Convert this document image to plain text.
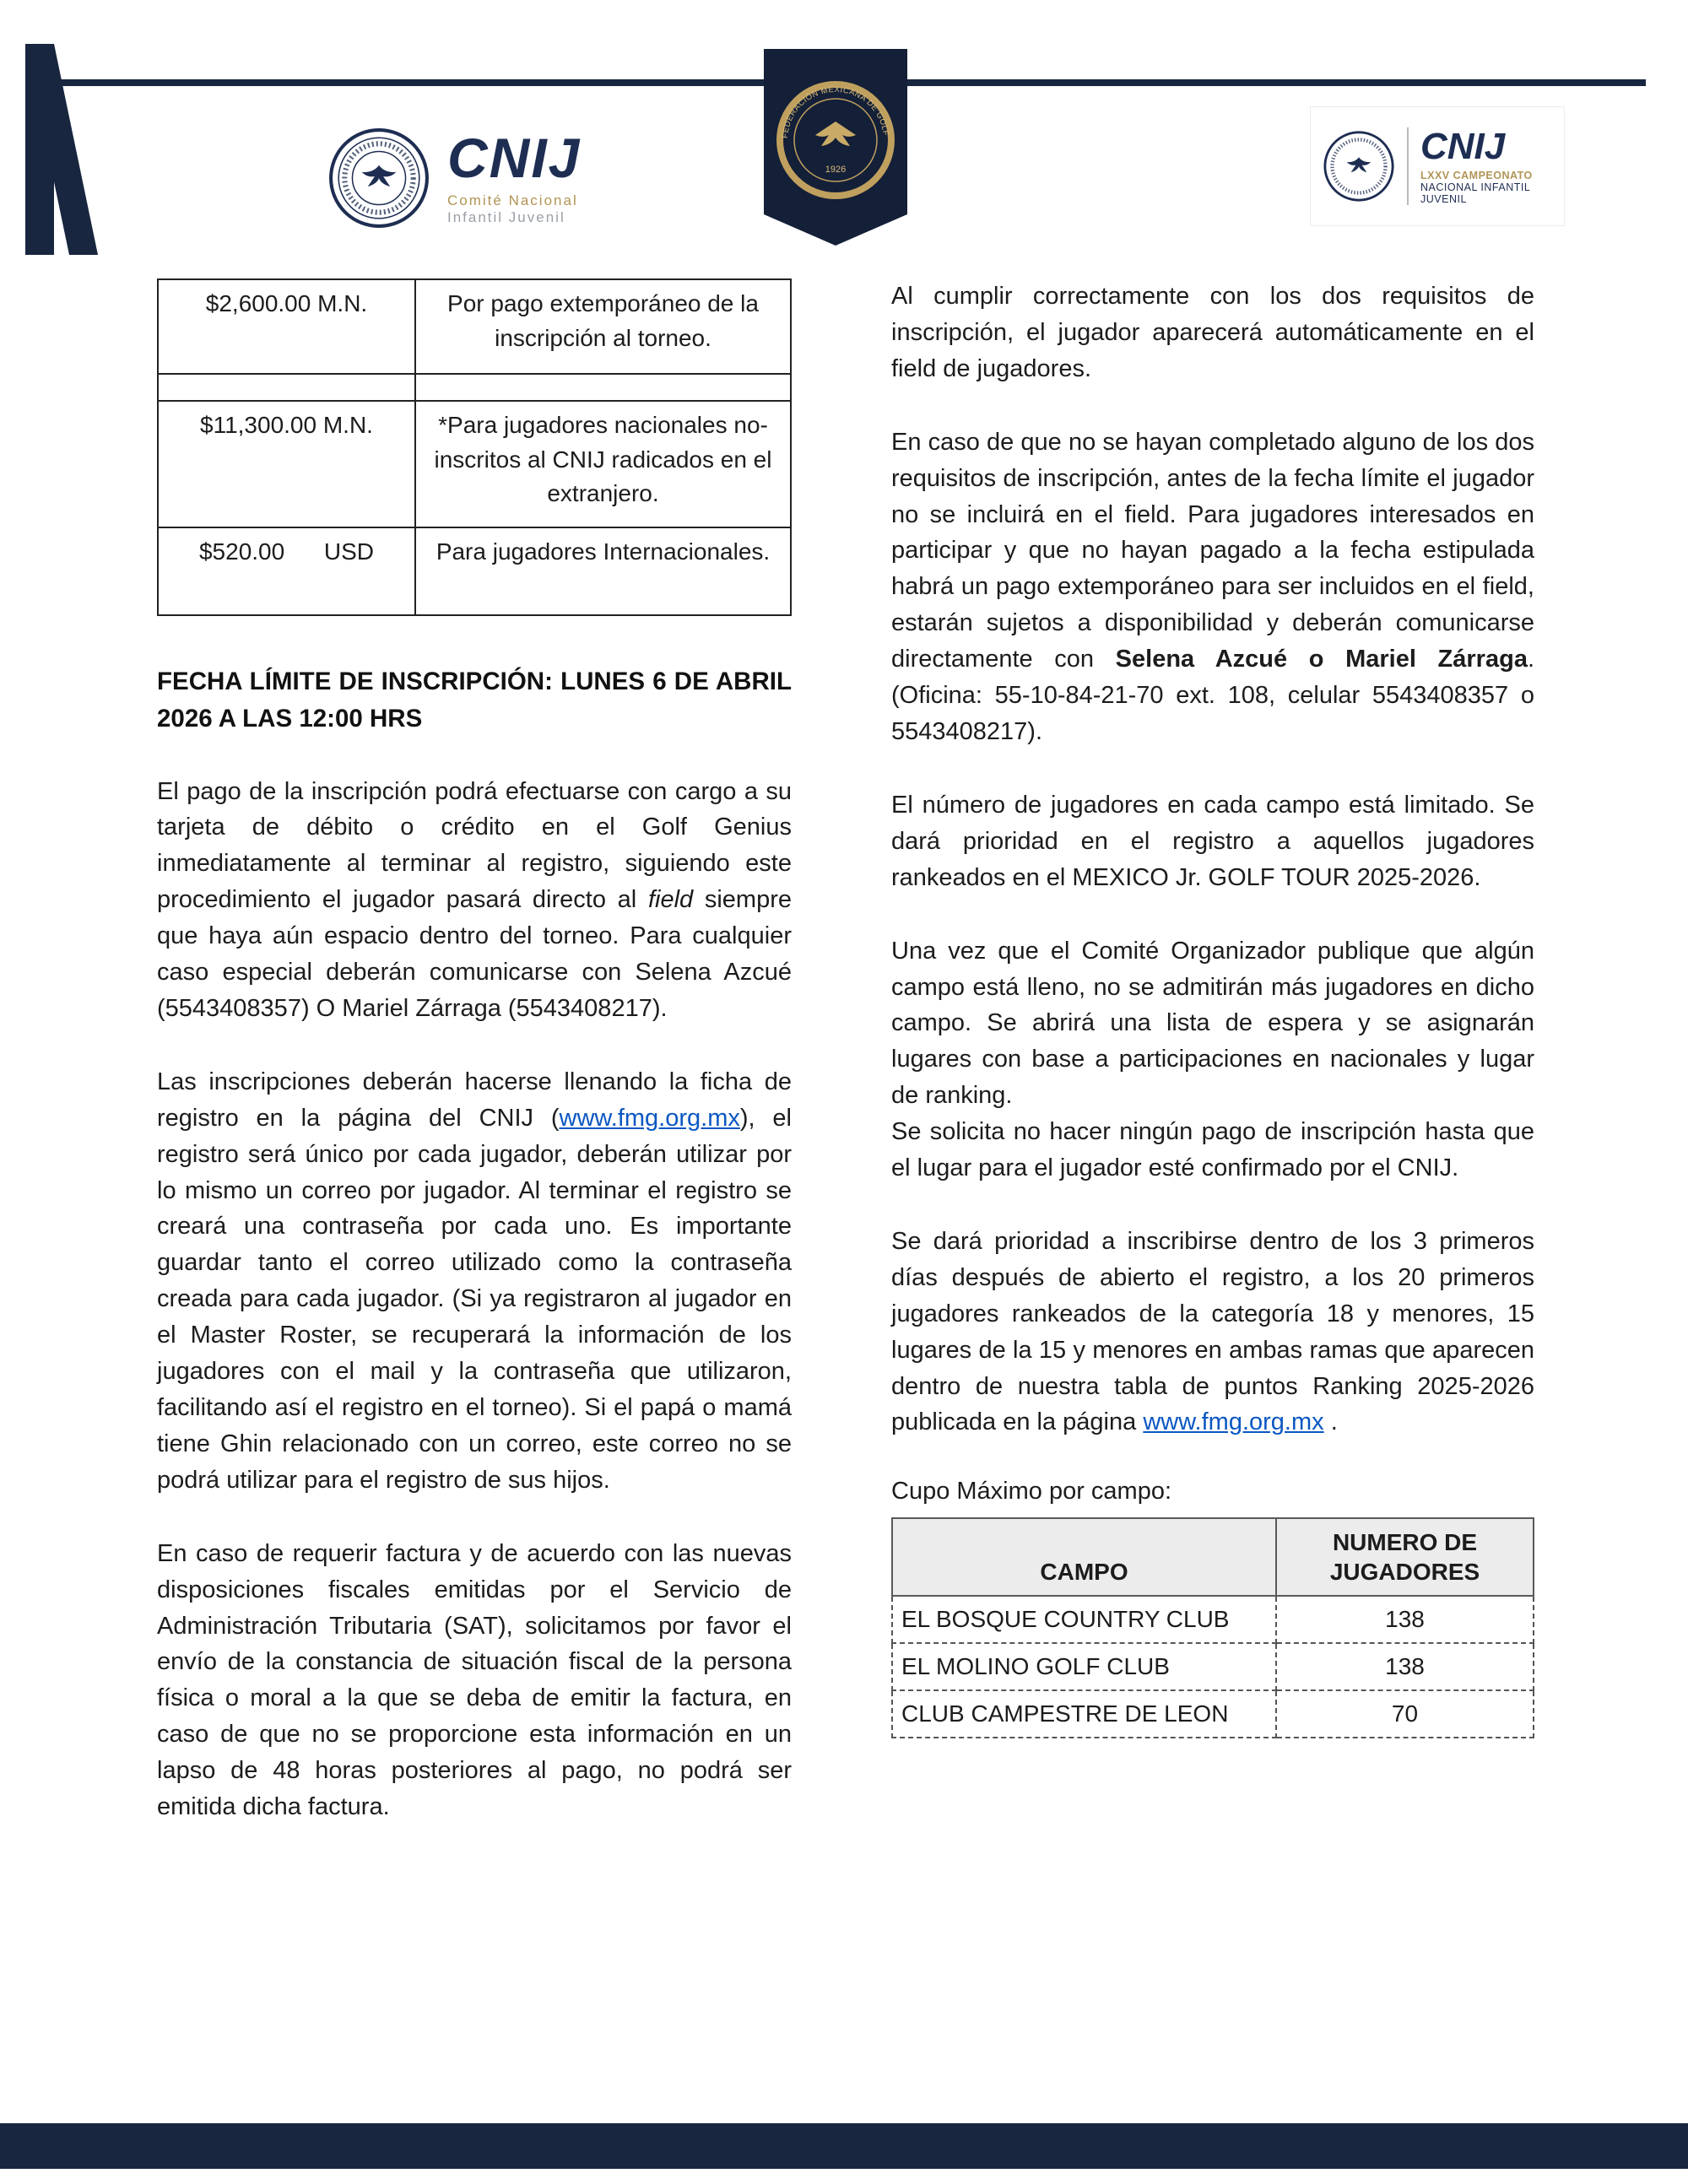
CNIJ
Comité Nacional
Infantil Juvenil
FEDERACIÓN MEXICANA DE GOLF
1926
CNIJ
LXXV CAMPEONATO
NACIONAL INFANTIL
JUVENIL
$2,600.00 M.N.	Por pago extemporáneo de la inscripción al torneo.

$11,300.00 M.N.	*Para jugadores nacionales no-inscritos al CNIJ radicados en el extranjero.
$520.00      USD	Para jugadores Internacionales.
FECHA LÍMITE DE INSCRIPCIÓN: LUNES 6 DE ABRIL 2026 A LAS 12:00 HRS

El pago de la inscripción podrá efectuarse con cargo a su tarjeta de débito o crédito en el Golf Genius inmediatamente al terminar al registro, siguiendo este procedimiento el jugador pasará directo al field siempre que haya aún espacio dentro del torneo. Para cualquier caso especial deberán comunicarse con Selena Azcué (5543408357) O Mariel Zárraga (5543408217).

Las inscripciones deberán hacerse llenando la ficha de registro en la página del CNIJ (www.fmg.org.mx), el registro será único por cada jugador, deberán utilizar por lo mismo un correo por jugador. Al terminar el registro se creará una contraseña por cada uno. Es importante guardar tanto el correo utilizado como la contraseña creada para cada jugador. (Si ya registraron al jugador en el Master Roster, se recuperará la información de los jugadores con el mail y la contraseña que utilizaron, facilitando así el registro en el torneo). Si el papá o mamá tiene Ghin relacionado con un correo, este correo no se podrá utilizar para el registro de sus hijos.

En caso de requerir factura y de acuerdo con las nuevas disposiciones fiscales emitidas por el Servicio de Administración Tributaria (SAT), solicitamos por favor el envío de la constancia de situación fiscal de la persona física o moral a la que se deba de emitir la factura, en caso de que no se proporcione esta información en un lapso de 48 horas posteriores al pago, no podrá ser emitida dicha factura.

Al cumplir correctamente con los dos requisitos de inscripción, el jugador aparecerá automáticamente en el field de jugadores.

En caso de que no se hayan completado alguno de los dos requisitos de inscripción, antes de la fecha límite el jugador no se incluirá en el field. Para jugadores interesados en participar y que no hayan pagado a la fecha estipulada habrá un pago extemporáneo para ser incluidos en el field, estarán sujetos a disponibilidad y deberán comunicarse directamente con Selena Azcué o Mariel Zárraga. (Oficina: 55-10-84-21-70 ext. 108, celular 5543408357 o 5543408217).

El número de jugadores en cada campo está limitado. Se dará prioridad en el registro a aquellos jugadores rankeados en el MEXICO Jr. GOLF TOUR 2025-2026.

Una vez que el Comité Organizador publique que algún campo está lleno, no se admitirán más jugadores en dicho campo. Se abrirá una lista de espera y se asignarán lugares con base a participaciones en nacionales y lugar de ranking.
Se solicita no hacer ningún pago de inscripción hasta que el lugar para el jugador esté confirmado por el CNIJ.

Se dará prioridad a inscribirse dentro de los 3 primeros días después de abierto el registro, a los 20 primeros jugadores rankeados de la categoría 18 y menores, 15 lugares de la 15 y menores en ambas ramas que aparecen dentro de nuestra tabla de puntos Ranking 2025-2026 publicada en la página www.fmg.org.mx .

Cupo Máximo por campo:
CAMPO	NUMERO DE JUGADORES
EL BOSQUE COUNTRY CLUB	138
EL MOLINO GOLF CLUB	138
CLUB CAMPESTRE DE LEON	70
